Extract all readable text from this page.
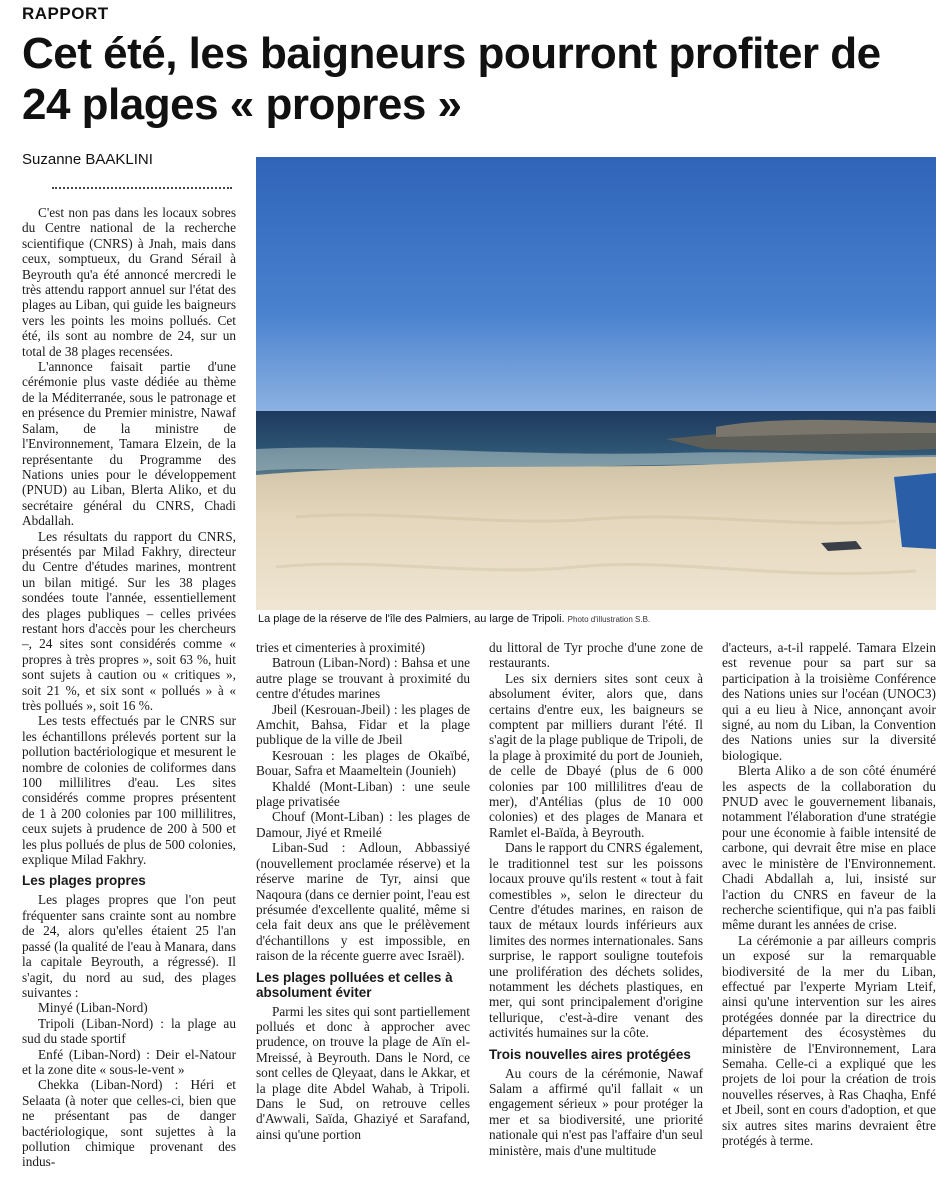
RAPPORT
Cet été, les baigneurs pourront profiter de 24 plages « propres »
Suzanne BAAKLINI
La plage de la réserve de l'île des Palmiers, au large de Tripoli. Photo d'illustration S.B.

C'est non pas dans les locaux sobres du Centre national de la recherche scientifique (CNRS) à Jnah, mais dans ceux, somptueux, du Grand Sérail à Beyrouth qu'a été annoncé mercredi le très attendu rapport annuel sur l'état des plages au Liban, qui guide les baigneurs vers les points les moins pollués. Cet été, ils sont au nombre de 24, sur un total de 38 plages recensées.

L'annonce faisait partie d'une cérémonie plus vaste dédiée au thème de la Méditerranée, sous le patronage et en présence du Premier ministre, Nawaf Salam, de la ministre de l'Environnement, Tamara Elzein, de la représentante du Programme des Nations unies pour le développement (PNUD) au Liban, Blerta Aliko, et du secrétaire général du CNRS, Chadi Abdallah.

Les résultats du rapport du CNRS, présentés par Milad Fakhry, directeur du Centre d'études marines, montrent un bilan mitigé. Sur les 38 plages sondées toute l'année, essentiellement des plages publiques – celles privées restant hors d'accès pour les chercheurs –, 24 sites sont considérés comme « propres à très propres », soit 63 %, huit sont sujets à caution ou « critiques », soit 21 %, et six sont « pollués » à « très pollués », soit 16 %.

Les tests effectués par le CNRS sur les échantillons prélevés portent sur la pollution bactériologique et mesurent le nombre de colonies de coliformes dans 100 millilitres d'eau. Les sites considérés comme propres présentent de 1 à 200 colonies par 100 millilitres, ceux sujets à prudence de 200 à 500 et les plus pollués de plus de 500 colonies, explique Milad Fakhry.

Les plages propres

Les plages propres que l'on peut fréquenter sans crainte sont au nombre de 24, alors qu'elles étaient 25 l'an passé (la qualité de l'eau à Manara, dans la capitale Beyrouth, a régressé). Il s'agit, du nord au sud, des plages suivantes :

Minyé (Liban-Nord)

Tripoli (Liban-Nord) : la plage au sud du stade sportif

Enfé (Liban-Nord) : Deir el-Natour et la zone dite « sous-le-vent »

Chekka (Liban-Nord) : Héri et Selaata (à noter que celles-ci, bien que ne présentant pas de danger bactériologique, sont sujettes à la pollution chimique provenant des indus-

tries et cimenteries à proximité)

Batroun (Liban-Nord) : Bahsa et une autre plage se trouvant à proximité du centre d'études marines

Jbeil (Kesrouan-Jbeil) : les plages de Amchit, Bahsa, Fidar et la plage publique de la ville de Jbeil

Kesrouan : les plages de Okaïbé, Bouar, Safra et Maameltein (Jounieh)

Khaldé (Mont-Liban) : une seule plage privatisée

Chouf (Mont-Liban) : les plages de Damour, Jiyé et Rmeilé

Liban-Sud : Adloun, Abbassiyé (nouvellement proclamée réserve) et la réserve marine de Tyr, ainsi que Naqoura (dans ce dernier point, l'eau est présumée d'excellente qualité, même si cela fait deux ans que le prélèvement d'échantillons y est impossible, en raison de la récente guerre avec Israël).

Les plages polluées et celles à absolument éviter

Parmi les sites qui sont partiellement pollués et donc à approcher avec prudence, on trouve la plage de Aïn el-Mreissé, à Beyrouth. Dans le Nord, ce sont celles de Qleyaat, dans le Akkar, et la plage dite Abdel Wahab, à Tripoli. Dans le Sud, on retrouve celles d'Awwali, Saïda, Ghaziyé et Sarafand, ainsi qu'une portion

du littoral de Tyr proche d'une zone de restaurants.

Les six derniers sites sont ceux à absolument éviter, alors que, dans certains d'entre eux, les baigneurs se comptent par milliers durant l'été. Il s'agit de la plage publique de Tripoli, de la plage à proximité du port de Jounieh, de celle de Dbayé (plus de 6 000 colonies par 100 millilitres d'eau de mer), d'Antélias (plus de 10 000 colonies) et des plages de Manara et Ramlet el-Baïda, à Beyrouth.

Dans le rapport du CNRS également, le traditionnel test sur les poissons locaux prouve qu'ils restent « tout à fait comestibles », selon le directeur du Centre d'études marines, en raison de taux de métaux lourds inférieurs aux limites des normes internationales. Sans surprise, le rapport souligne toutefois une prolifération des déchets solides, notamment les déchets plastiques, en mer, qui sont principalement d'origine tellurique, c'est-à-dire venant des activités humaines sur la côte.

Trois nouvelles aires protégées

Au cours de la cérémonie, Nawaf Salam a affirmé qu'il fallait « un engagement sérieux » pour protéger la mer et sa biodiversité, une priorité nationale qui n'est pas l'affaire d'un seul ministère, mais d'une multitude

d'acteurs, a-t-il rappelé. Tamara Elzein est revenue pour sa part sur sa participation à la troisième Conférence des Nations unies sur l'océan (UNOC3) qui a eu lieu à Nice, annonçant avoir signé, au nom du Liban, la Convention des Nations unies sur la diversité biologique.

Blerta Aliko a de son côté énuméré les aspects de la collaboration du PNUD avec le gouvernement libanais, notamment l'élaboration d'une stratégie pour une économie à faible intensité de carbone, qui devrait être mise en place avec le ministère de l'Environnement. Chadi Abdallah a, lui, insisté sur l'action du CNRS en faveur de la recherche scientifique, qui n'a pas faibli même durant les années de crise.

La cérémonie a par ailleurs compris un exposé sur la remarquable biodiversité de la mer du Liban, effectué par l'experte Myriam Lteif, ainsi qu'une intervention sur les aires protégées donnée par la directrice du département des écosystèmes du ministère de l'Environnement, Lara Semaha. Celle-ci a expliqué que les projets de loi pour la création de trois nouvelles réserves, à Ras Chaqha, Enfé et Jbeil, sont en cours d'adoption, et que six autres sites marins devraient être protégés à terme.
